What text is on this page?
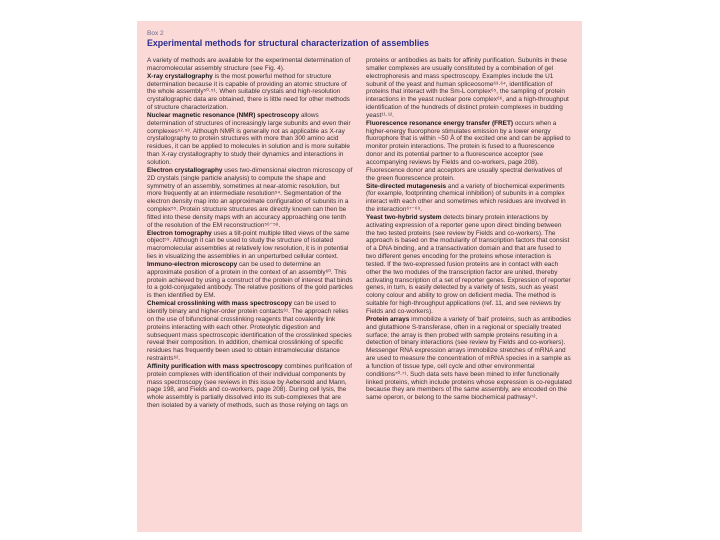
Box 2
Experimental methods for structural characterization of assemblies

A variety of methods are available for the experimental determination of macromolecular assembly structure (see Fig. 4).

X-ray crystallography is the most powerful method for structure determination because it is capable of providing an atomic structure of the whole assembly⁵⁰·⁵¹. When suitable crystals and high-resolution crystallographic data are obtained, there is little need for other methods of structure characterization.

Nuclear magnetic resonance (NMR) spectroscopy allows determination of structures of increasingly large subunits and even their complexes⁵²·⁵³. Although NMR is generally not as applicable as X-ray crystallography to protein structures with more than 300 amino acid residues, it can be applied to molecules in solution and is more suitable than X-ray crystallography to study their dynamics and interactions in solution.

Electron crystallography uses two-dimensional electron microscopy of 2D crystals (single particle analysis) to compute the shape and symmetry of an assembly, sometimes at near-atomic resolution, but more frequently at an intermediate resolution⁵⁴. Segmentation of the electron density map into an approximate configuration of subunits in a complex⁵⁵. Protein structure structures are directly known can then be fitted into these density maps with an accuracy approaching one tenth of the resolution of the EM reconstruction⁵⁶⁻⁵⁸.

Electron tomography uses a tilt-point multiple tilted views of the same object⁵⁹. Although it can be used to study the structure of isolated macromolecular assemblies at relatively low resolution, it is in potential lies in visualizing the assemblies in an unperturbed cellular context.

Immuno-electron microscopy can be used to determine an approximate position of a protein in the context of an assembly⁶⁰. This protein achieved by using a construct of the protein of interest that binds to a gold-conjugated antibody. The relative positions of the gold particles is then identified by EM.

Chemical crosslinking with mass spectroscopy can be used to identify binary and higher-order protein contacts⁶¹. The approach relies on the use of bifunctional crosslinking reagents that covalently link proteins interacting with each other. Proteolytic digestion and subsequent mass spectroscopic identification of the crosslinked species reveal their composition. In addition, chemical crosslinking of specific residues has frequently been used to obtain intramolecular distance restraints⁶².

Affinity purification with mass spectroscopy combines purification of protein complexes with identification of their individual components by mass spectroscopy (see reviews in this issue by Aebersold and Mann, page 198, and Fields and co-workers, page 208). During cell lysis, the whole assembly is partially dissolved into its sub-complexes that are then isolated by a variety of methods, such as those relying on tags on

proteins or antibodies as baits for affinity purification. Subunits in these smaller complexes are usually constituted by a combination of gel electrophoresis and mass spectroscopy. Examples include the U1 subunit of the yeast and human spliceosome⁶³·⁶⁴, identification of proteins that interact with the Sm-L complex⁶⁵, the sampling of protein interactions in the yeast nuclear pore complex⁶⁶, and a high-throughput identification of the hundreds of distinct protein complexes in budding yeast¹¹·¹².

Fluorescence resonance energy transfer (FRET) occurs when a higher-energy fluorophore stimulates emission by a lower energy fluorophore that is within ~50 Å of the excited one and can be applied to monitor protein interactions. The protein is fused to a fluorescence donor and its potential partner to a fluorescence acceptor (see accompanying reviews by Fields and co-workers, page 208). Fluorescence donor and acceptors are usually spectral derivatives of the green fluorescence protein.

Site-directed mutagenesis and a variety of biochemical experiments (for example, footprinting chemical inhibition) of subunits in a complex interact with each other and sometimes which residues are involved in the interaction⁶⁷⁻⁶⁹.

Yeast two-hybrid system detects binary protein interactions by activating expression of a reporter gene upon direct binding between the two tested proteins (see review by Fields and co-workers). The approach is based on the modularity of transcription factors that consist of a DNA binding, and a transactivation domain and that are fused to two different genes encoding for the proteins whose interaction is tested. If the two-expressed fusion proteins are in contact with each other the two modules of the transcription factor are united, thereby activating transcription of a set of reporter genes. Expression of reporter genes, in turn, is easily detected by a variety of tests, such as yeast colony colour and ability to grow on deficient media. The method is suitable for high-throughput applications (ref. 11, and see reviews by Fields and co-workers).

Protein arrays immobilize a variety of 'bait' proteins, such as antibodies and glutathione S-transferase, often in a regional or specially treated surface; the array is then probed with sample proteins resulting in a detection of binary interactions (see review by Fields and co-workers). Messenger RNA expression arrays immobilize stretches of mRNA and are used to measure the concentration of mRNA species in a sample as a function of tissue type, cell cycle and other environmental conditions⁷⁰·⁷¹. Such data sets have been mined to infer functionally linked proteins, which include proteins whose expression is co-regulated because they are members of the same assembly, are encoded on the same operon, or belong to the same biochemical pathway⁷².
